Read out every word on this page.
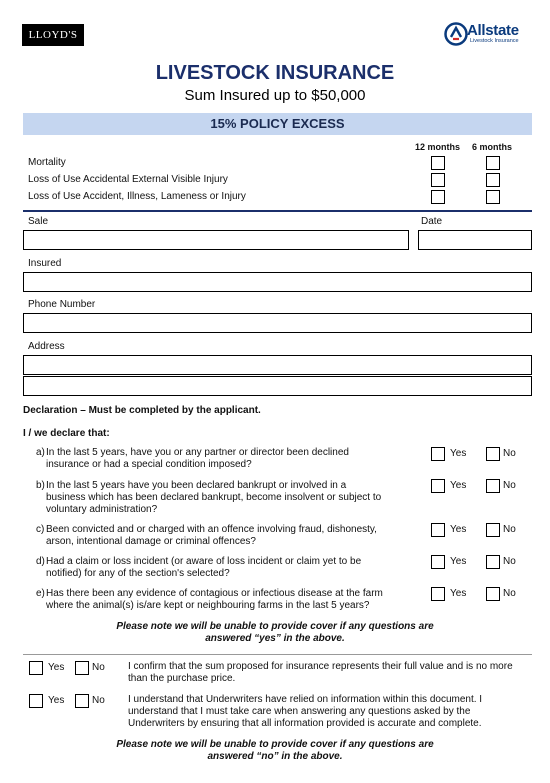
LLOYD'S	Allstate
Livestock Insurance
LIVESTOCK INSURANCE
Sum Insured up to $50,000
15% POLICY EXCESS
12 months 6 months
Mortality
Loss of Use Accidental External Visible Injury
Loss of Use Accident, Illness, Lameness or Injury
Sale	Date
Insured
Phone Number
Address
Declaration – Must be completed by the applicant.
I / we declare that:
a)In the last 5 years, have you or any partner or director been declined insurance or had a special condition imposed?
Yes	No
b)In the last 5 years have you been declared bankrupt or involved in a business which has been declared bankrupt, become insolvent or subject to voluntary administration?
Yes	No
c) Been convicted and or charged with an offence involving fraud, dishonesty, arson, intentional damage or criminal offences?
Yes	No
d)Had a claim or loss incident (or aware of loss incident or claim yet to be notified) for any of the section's selected?
Yes	No
e)Has there been any evidence of contagious or infectious disease at the farm where the animal(s) is/are kept or neighbouring farms in the last 5 years?
Yes	No
Please note we will be unable to provide cover if any questions are
answered “yes” in the above.
Yes	No I confirm that the sum proposed for insurance represents their full value and is no more than the purchase price.
Yes	No I understand that Underwriters have relied on information within this document. I understand that I must take care when answering any questions asked by the Underwriters by ensuring that all information provided is accurate and complete.
Please note we will be unable to provide cover if any questions are
answered “no” in the above.
